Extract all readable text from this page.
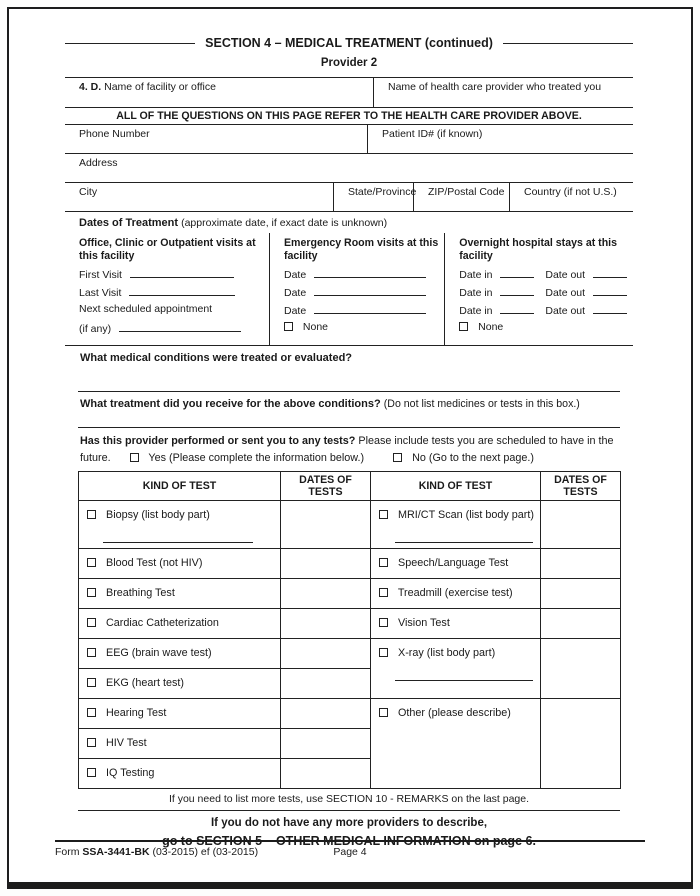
SECTION 4 – MEDICAL TREATMENT (continued)
Provider 2
4. D. Name of facility or office	Name of health care provider who treated you
ALL OF THE QUESTIONS ON THIS PAGE REFER TO THE HEALTH CARE PROVIDER ABOVE.
Phone Number	Patient ID# (if known)
Address
City	State/Province	ZIP/Postal Code	Country (if not U.S.)
Dates of Treatment (approximate date, if exact date is unknown)
Office, Clinic or Outpatient visits at this facility
First Visit
Last Visit
Next scheduled appointment
(if any)
Emergency Room visits at this facility
Date
Date
Date
None
Overnight hospital stays at this facility
Date in	Date out
Date in	Date out
Date in	Date out
None
What medical conditions were treated or evaluated?
What treatment did you receive for the above conditions? (Do not list medicines or tests in this box.)
Has this provider performed or sent you to any tests? Please include tests you are scheduled to have in the
future.	Yes (Please complete the information below.)	No (Go to the next page.)
KIND OF TEST	DATES OF TESTS	KIND OF TEST	DATES OF TESTS
Biopsy (list body part)		MRI/CT Scan (list body part)

Blood Test (not HIV)		Speech/Language Test	
Breathing Test		Treadmill (exercise test)	
Cardiac Catheterization		Vision Test	
EEG (brain wave test)		X-ray (list body part)

EKG (heart test)			
Hearing Test		Other (please describe)	
HIV Test			
IQ Testing			
If you need to list more tests, use SECTION 10 - REMARKS on the last page.
If you do not have any more providers to describe,
go to SECTION 5 – OTHER MEDICAL INFORMATION on page 6.
Form SSA-3441-BK (03-2015) ef (03-2015)	Page 4
